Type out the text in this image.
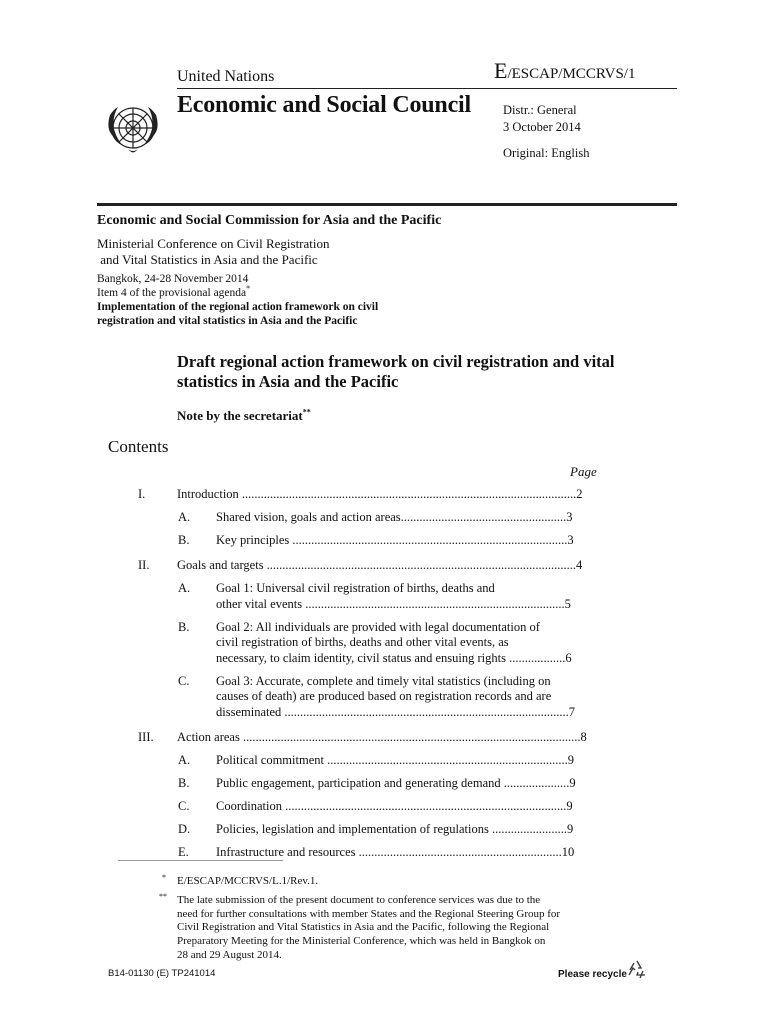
United Nations	E/ESCAP/MCCRVS/1
Economic and Social Council	Distr.: General
3 October 2014
Original: English
Economic and Social Commission for Asia and the Pacific
Ministerial Conference on Civil Registration
and Vital Statistics in Asia and the Pacific
Bangkok, 24-28 November 2014
Item 4 of the provisional agenda*
Implementation of the regional action framework on civil
registration and vital statistics in Asia and the Pacific
Draft regional action framework on civil registration and vital statistics in Asia and the Pacific
Note by the secretariat**
Contents
Page
I.	Introduction ...........................................................................................................2
A. Shared vision, goals and action areas.....................................................3
B. Key principles ........................................................................................3
II. Goals and targets ...................................................................................................4
A. Goal 1: Universal civil registration of births, deaths and
other vital events ...................................................................................5
B. Goal 2: All individuals are provided with legal documentation of
civil registration of births, deaths and other vital events, as
necessary, to claim identity, civil status and ensuing rights ..................6
C. Goal 3: Accurate, complete and timely vital statistics (including on
causes of death) are produced based on registration records and are
disseminated ...........................................................................................7
III. Action areas ............................................................................................................8
A. Political commitment .............................................................................9
B. Public engagement, participation and generating demand .....................9
C. Coordination ..........................................................................................9
D. Policies, legislation and implementation of regulations ........................9
E. Infrastructure and resources .................................................................10
* E/ESCAP/MCCRVS/L.1/Rev.1.
** The late submission of the present document to conference services was due to the
need for further consultations with member States and the Regional Steering Group for
Civil Registration and Vital Statistics in Asia and the Pacific, following the Regional
Preparatory Meeting for the Ministerial Conference, which was held in Bangkok on
28 and 29 August 2014.
B14-01130 (E) TP241014	Please recycle
